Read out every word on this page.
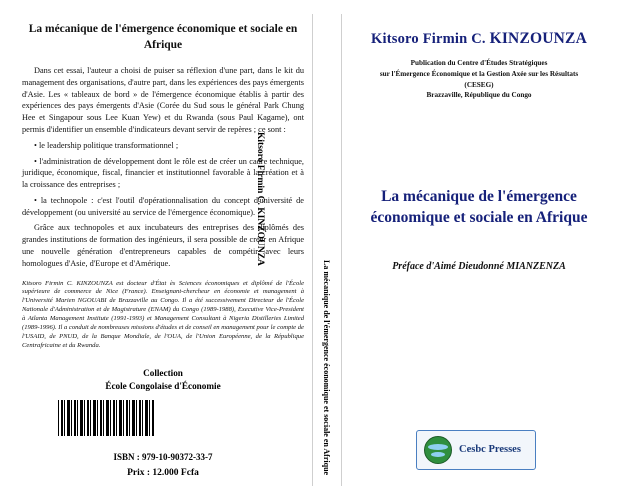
La mécanique de l'émergence économique et sociale en Afrique

Dans cet essai, l'auteur a choisi de puiser sa réflexion d'une part, dans le kit du management des organisations, d'autre part, dans les expériences des pays émergents d'Asie. Les « tableaux de bord » de l'émergence économique établis à partir des expériences des pays émergents d'Asie (Corée du Sud sous le général Park Chung Hee et Singapour sous Lee Kuan Yew) et du Rwanda (sous Paul Kagame), ont permis d'identifier un ensemble d'indicateurs devant servir de repères ; ce sont :

• le leadership politique transformationnel ;

• l'administration de développement dont le rôle est de créer un cadre technique, juridique, économique, fiscal, financier et institutionnel favorable à la création et à la croissance des entreprises ;

• la technopole : c'est l'outil d'opérationnalisation du concept d'université de développement (ou université au service de l'émergence économique).

Grâce aux technopoles et aux incubateurs des entreprises des diplômés des grandes institutions de formation des ingénieurs, il sera possible de créer en Afrique une nouvelle génération d'entrepreneurs capables de compétir avec leurs homologues d'Asie, d'Europe et d'Amérique.

Kitsoro Firmin C. KINZOUNZA est docteur d'État ès Sciences économiques et diplômé de l'École supérieure de commerce de Nice (France). Enseignant-chercheur en économie et management à l'Université Marien NGOUABI de Brazzaville au Congo. Il a été successivement Directeur de l'École Nationale d'Administration et de Magistrature (ENAM) du Congo (1989-1988), Executive Vice-President à Atlanta Management Institute (1991-1993) et Management Consultant à Nigeria Distilleries Limited (1989-1996). Il a conduit de nombreuses missions d'études et de conseil en management pour le compte de l'USAID, de PNUD, de la Banque Mondiale, de l'OUA, de l'Union Européenne, de la République Centrafricaine et du Rwanda.
Collection
École Congolaise d'Économie
ISBN : 979-10-90372-33-7
Prix : 12.000 Fcfa
Kitsoro Firmin C. KINZOUNZA
La mécanique de l'émergence économique et sociale en Afrique
Kitsoro Firmin C. KINZOUNZA
Publication du Centre d'Études Stratégiques
sur l'Émergence Économique et la Gestion Axée sur les Résultats
(CESEG)
Brazzaville, République du Congo
La mécanique de l'émergence
économique et sociale en Afrique
Préface d'Aimé Dieudonné MIANZENZA
Cesbc Presses
